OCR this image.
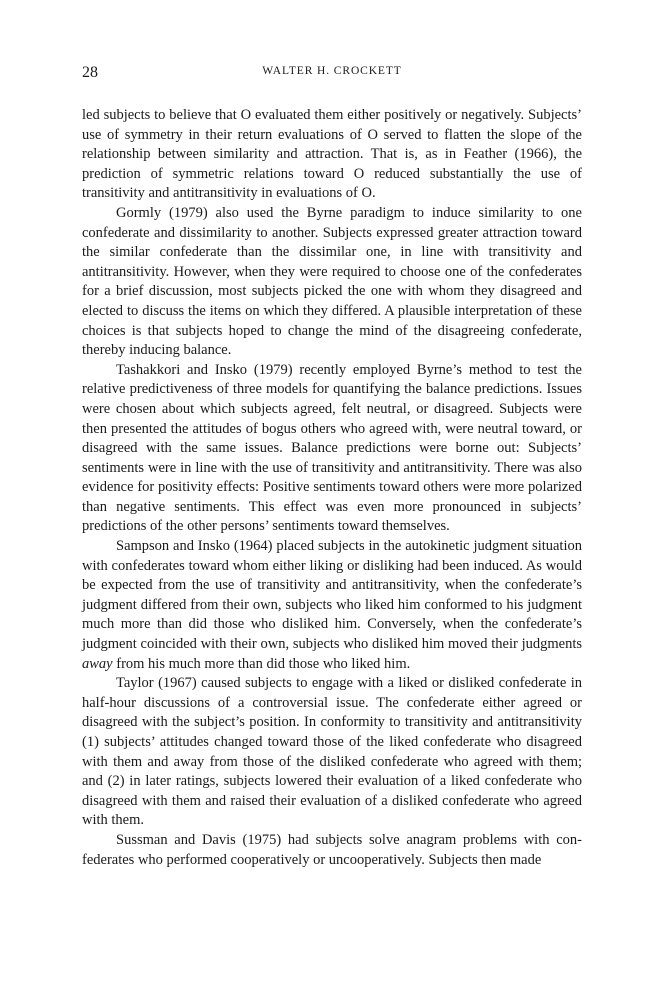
28	WALTER H. CROCKETT

led subjects to believe that O evaluated them either positively or negatively. Subjects’ use of symmetry in their return evaluations of O served to flatten the slope of the relationship between similarity and attraction. That is, as in Feather (1966), the prediction of symmetric relations toward O reduced substantially the use of transitivity and antitransitivity in evaluations of O.

Gormly (1979) also used the Byrne paradigm to induce similarity to one confederate and dissimilarity to another. Subjects expressed greater attraction toward the similar confederate than the dissimilar one, in line with transitivity and antitransitivity. However, when they were required to choose one of the confederates for a brief discussion, most subjects picked the one with whom they disagreed and elected to discuss the items on which they differed. A plausible interpretation of these choices is that subjects hoped to change the mind of the disagreeing confederate, thereby inducing balance.

Tashakkori and Insko (1979) recently employed Byrne’s method to test the relative predictiveness of three models for quantifying the balance predictions. Issues were chosen about which subjects agreed, felt neutral, or disagreed. Subjects were then presented the attitudes of bogus others who agreed with, were neutral toward, or disagreed with the same issues. Balance predictions were borne out: Subjects’ sentiments were in line with the use of transitivity and antitransitivity. There was also evidence for positivity effects: Positive sentiments toward others were more polarized than negative sentiments. This effect was even more pronounced in subjects’ predictions of the other persons’ sentiments toward themselves.

Sampson and Insko (1964) placed subjects in the autokinetic judgment situation with confederates toward whom either liking or disliking had been induced. As would be expected from the use of transitivity and antitransitivity, when the confederate’s judgment differed from their own, subjects who liked him conformed to his judgment much more than did those who disliked him. Conversely, when the confederate’s judgment coincided with their own, subjects who disliked him moved their judgments away from his much more than did those who liked him.

Taylor (1967) caused subjects to engage with a liked or disliked confederate in half-hour discussions of a controversial issue. The confederate either agreed or disagreed with the subject’s position. In conformity to transitivity and antitransitivity (1) subjects’ attitudes changed toward those of the liked confederate who disagreed with them and away from those of the disliked confederate who agreed with them; and (2) in later ratings, subjects lowered their evaluation of a liked confederate who disagreed with them and raised their evaluation of a disliked confederate who agreed with them.

Sussman and Davis (1975) had subjects solve anagram problems with confederates who performed cooperatively or uncooperatively. Subjects then made
